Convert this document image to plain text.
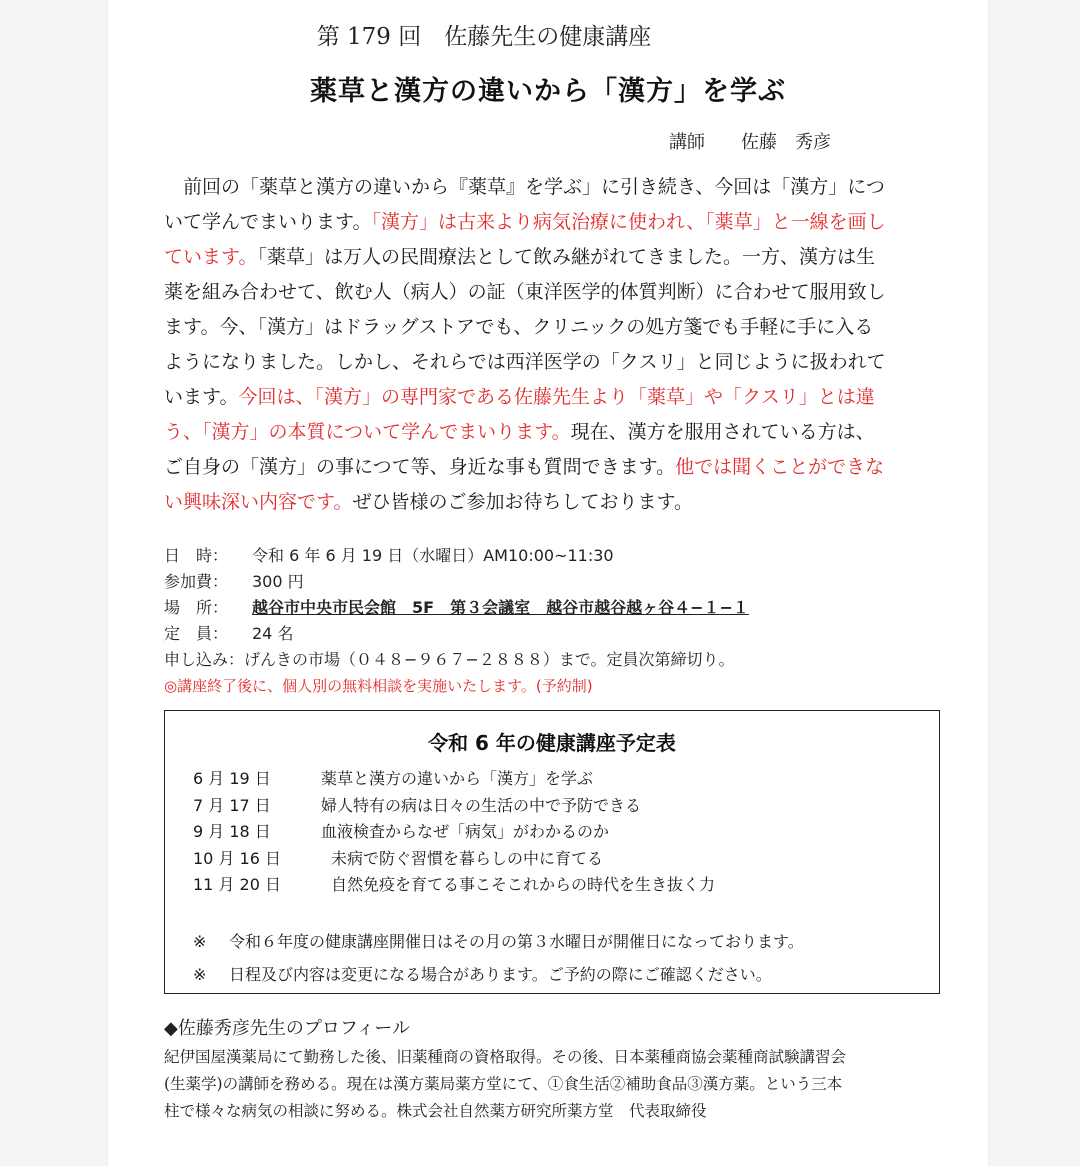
第 179 回　佐藤先生の健康講座
薬草と漢方の違いから「漢方」を学ぶ
講師　　佐藤　秀彦
　前回の「薬草と漢方の違いから『薬草』を学ぶ」に引き続き、今回は「漢方」につ
いて学んでまいります。「漢方」は古来より病気治療に使われ、「薬草」と一線を画し
ています。「薬草」は万人の民間療法として飲み継がれてきました。一方、漢方は生
薬を組み合わせて、飲む人（病人）の証（東洋医学的体質判断）に合わせて服用致し
ます。今、「漢方」はドラッグストアでも、クリニックの処方箋でも手軽に手に入る
ようになりました。しかし、それらでは西洋医学の「クスリ」と同じように扱われて
います。今回は、「漢方」の専門家である佐藤先生より「薬草」や「クスリ」とは違
う、「漢方」の本質について学んでまいります。現在、漢方を服用されている方は、
ご自身の「漢方」の事につて等、身近な事も質問できます。他では聞くことができな
い興味深い内容です。ぜひ皆様のご参加お待ちしております。
日　時：	令和 6 年 6 月 19 日（水曜日）AM10:00~11:30
参加費：	300 円
場　所：	越谷市中央市民会館　5F　第３会議室　越谷市越谷越ヶ谷４−１−１
定　員：	24 名
申し込み：げんきの市場（０４８−９６７−２８８８）まで。定員次第締切り。
◎講座終了後に、個人別の無料相談を実施いたします。(予約制)
令和 6 年の健康講座予定表
6 月 19 日	薬草と漢方の違いから「漢方」を学ぶ
7 月 17 日	婦人特有の病は日々の生活の中で予防できる
9 月 18 日	血液検査からなぜ「病気」がわかるのか
10 月 16 日	未病で防ぐ習慣を暮らしの中に育てる
11 月 20 日	自然免疫を育てる事こそこれからの時代を生き抜く力
※ 令和６年度の健康講座開催日はその月の第３水曜日が開催日になっております。
※ 日程及び内容は変更になる場合があります。ご予約の際にご確認ください。
◆佐藤秀彦先生のプロフィール
紀伊国屋漢薬局にて勤務した後、旧薬種商の資格取得。その後、日本薬種商協会薬種商試験講習会
(生薬学)の講師を務める。現在は漢方薬局薬方堂にて、①食生活②補助食品③漢方薬。という三本
柱で様々な病気の相談に努める。株式会社自然薬方研究所薬方堂　代表取締役
